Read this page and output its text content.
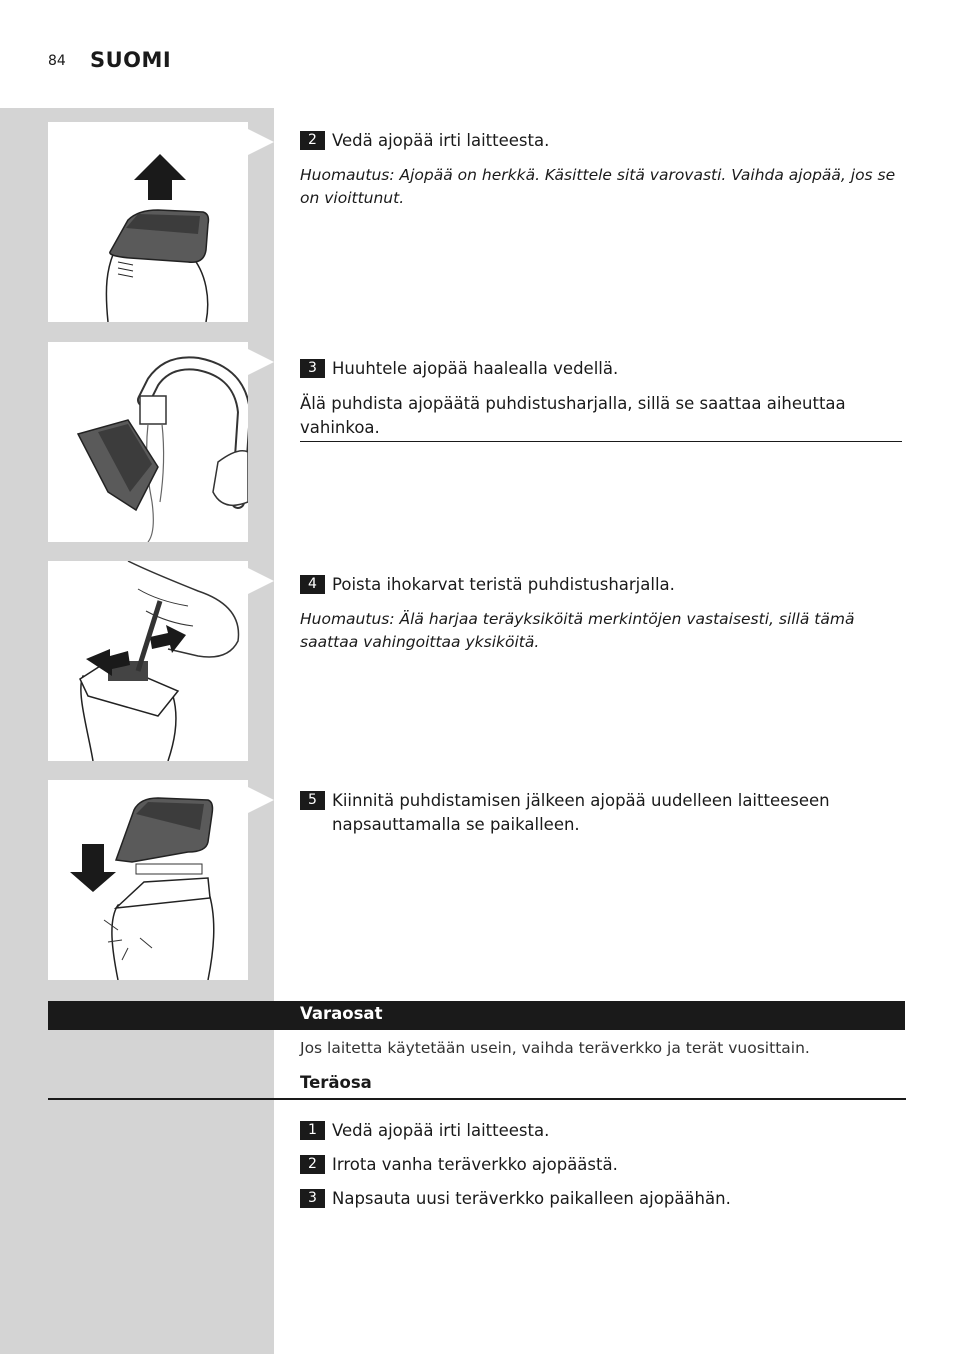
84 SUOMI
2 Vedä ajopää irti laitteesta.
Huomautus: Ajopää on herkkä. Käsittele sitä varovasti. Vaihda ajopää, jos se on vioittunut.
3 Huuhtele ajopää haalealla vedellä.
Älä puhdista ajopäätä puhdistusharjalla, sillä se saattaa aiheuttaa vahinkoa.
4 Poista ihokarvat teristä puhdistusharjalla.
Huomautus: Älä harjaa teräyksiköitä merkintöjen vastaisesti, sillä tämä saattaa vahingoittaa yksiköitä.
5 Kiinnitä puhdistamisen jälkeen ajopää uudelleen laitteeseen napsauttamalla se paikalleen.
Varaosat
Jos laitetta käytetään usein, vaihda teräverkko ja terät vuosittain.
Teräosa
1 Vedä ajopää irti laitteesta.
2 Irrota vanha teräverkko ajopäästä.
3 Napsauta uusi teräverkko paikalleen ajopäähän.
